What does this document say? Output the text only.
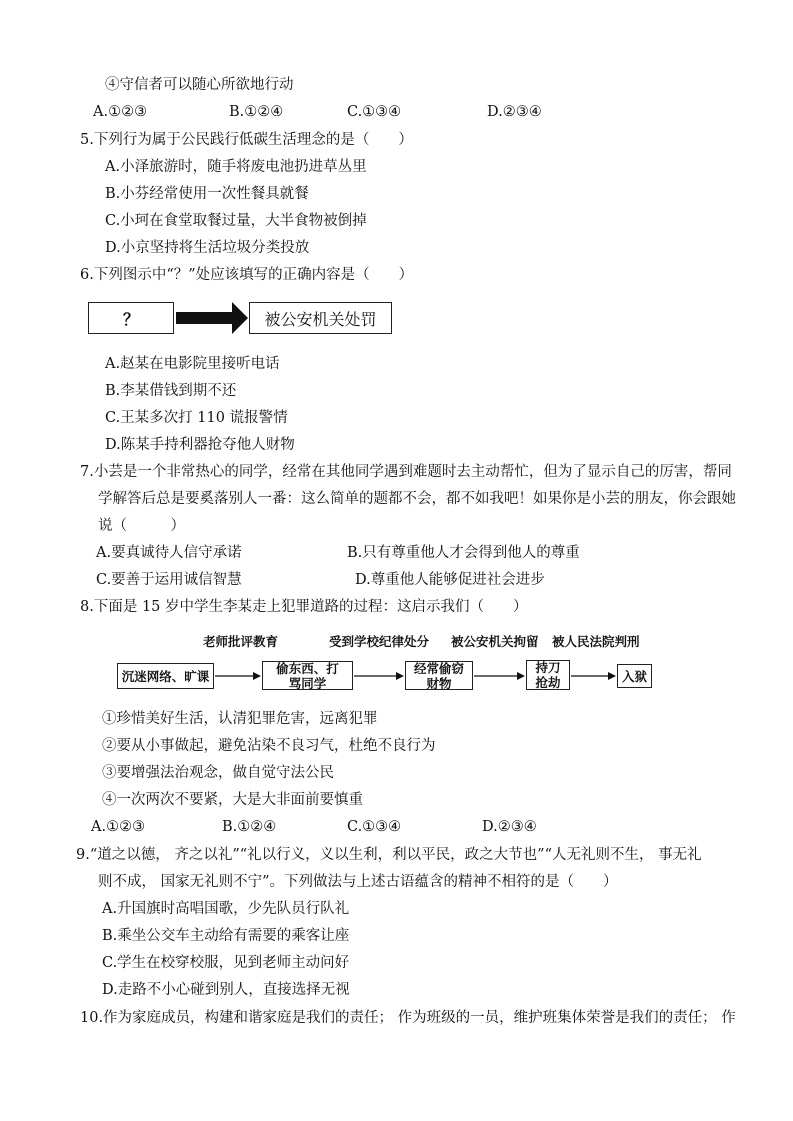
④守信者可以随心所欲地行动
A.①②③	B.①②④	C.①③④	D.②③④
5.下列行为属于公民践行低碳生活理念的是（　　）
A.小泽旅游时，随手将废电池扔进草丛里
B.小芬经常使用一次性餐具就餐
C.小珂在食堂取餐过量，大半食物被倒掉
D.小京坚持将生活垃圾分类投放
6.下列图示中“？”处应该填写的正确内容是（　　）
？	被公安机关处罚
A.赵某在电影院里接听电话
B.李某借钱到期不还
C.王某多次打 110 谎报警情
D.陈某手持利器抢夺他人财物
7.小芸是一个非常热心的同学，经常在其他同学遇到难题时去主动帮忙，但为了显示自己的厉害，帮同
学解答后总是要奚落别人一番：这么简单的题都不会，都不如我吧！如果你是小芸的朋友，你会跟她
说（　　　）
A.要真诚待人信守承诺	B.只有尊重他人才会得到他人的尊重
C.要善于运用诚信智慧	D.尊重他人能够促进社会进步
8.下面是 15 岁中学生李某走上犯罪道路的过程：这启示我们（　　）
老师批评教育	受到学校纪律处分 被公安机关拘留 被人民法院判刑
沉迷网络、旷课
偷东西、打
骂同学
经常偷窃
财物
持刀
抢劫	入狱
①珍惜美好生活，认清犯罪危害，远离犯罪
②要从小事做起，避免沾染不良习气，杜绝不良行为
③要增强法治观念，做自觉守法公民
④一次两次不要紧，大是大非面前要慎重
A.①②③	B.①②④	C.①③④	D.②③④
9.“道之以德， 齐之以礼”“礼以行义，义以生利，利以平民，政之大节也”“人无礼则不生， 事无礼
则不成， 国家无礼则不宁”。下列做法与上述古语蕴含的精神不相符的是（　　）
A.升国旗时高唱国歌，少先队员行队礼
B.乘坐公交车主动给有需要的乘客让座
C.学生在校穿校服，见到老师主动问好
D.走路不小心碰到别人，直接选择无视
10.作为家庭成员，构建和谐家庭是我们的责任； 作为班级的一员，维护班集体荣誉是我们的责任； 作
